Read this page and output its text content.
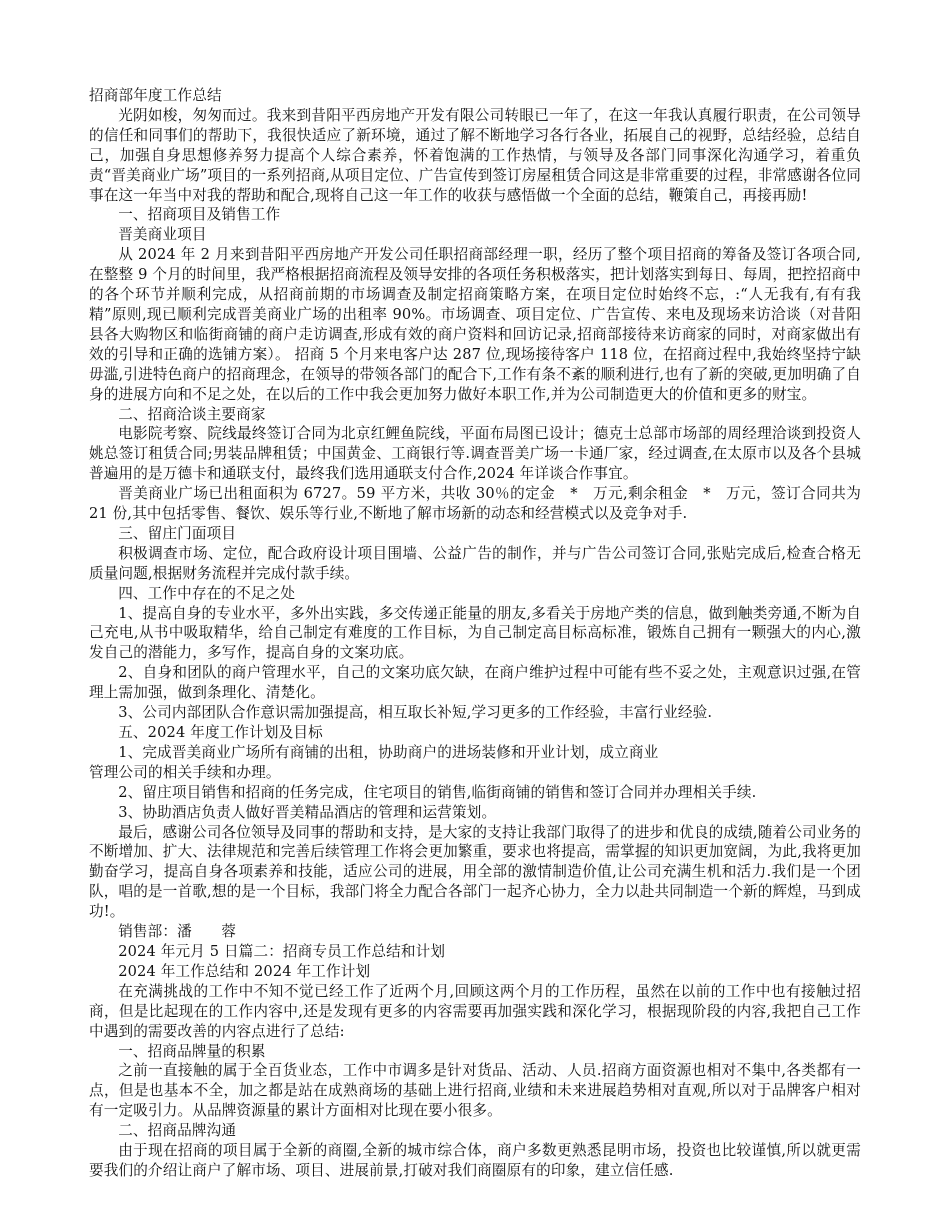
招商部年度工作总结

光阴如梭，匆匆而过。我来到昔阳平西房地产开发有限公司转眼已一年了，在这一年我认真履行职责，在公司领导的信任和同事们的帮助下，我很快适应了新环境，通过了解不断地学习各行各业，拓展自己的视野，总结经验，总结自己，加强自身思想修养努力提高个人综合素养，怀着饱满的工作热情，与领导及各部门同事深化沟通学习，着重负责“晋美商业广场”项目的一系列招商,从项目定位、广告宣传到签订房屋租赁合同这是非常重要的过程，非常感谢各位同事在这一年当中对我的帮助和配合,现将自己这一年工作的收获与感悟做一个全面的总结，鞭策自己，再接再励!

一、招商项目及销售工作

晋美商业项目

从 2024 年 2 月来到昔阳平西房地产开发公司任职招商部经理一职，经历了整个项目招商的筹备及签订各项合同,在整整 9 个月的时间里，我严格根据招商流程及领导安排的各项任务积极落实，把计划落实到每日、每周，把控招商中的各个环节并顺利完成，从招商前期的市场调查及制定招商策略方案，在项目定位时始终不忘，:“人无我有,有有我精”原则,现已顺利完成晋美商业广场的出租率 90%。市场调查、项目定位、广告宣传、来电及现场来访洽谈（对昔阳县各大购物区和临街商铺的商户走访调查,形成有效的商户资料和回访记录,招商部接待来访商家的同时，对商家做出有效的引导和正确的选铺方案）。 招商 5 个月来电客户达 287 位,现场接待客户 118 位，在招商过程中,我始终坚持宁缺毋滥,引进特色商户的招商理念，在领导的带领各部门的配合下,工作有条不紊的顺利进行,也有了新的突破,更加明确了自身的进展方向和不足之处，在以后的工作中我会更加努力做好本职工作,并为公司制造更大的价值和更多的财宝。

二、招商洽谈主要商家

电影院考察、院线最终签订合同为北京红鲤鱼院线，平面布局图已设计；德克士总部市场部的周经理洽谈到投资人姚总签订租赁合同;男装品牌租赁；中国黄金、工商银行等.调查晋美广场一卡通厂家，经过调查,在太原市以及各个县城普遍用的是万德卡和通联支付，最终我们选用通联支付合作,2024 年详谈合作事宜。

晋美商业广场已出租面积为 6727。59 平方米，共收 30％的定金　*　万元,剩余租金　*　万元，签订合同共为 21 份,其中包括零售、餐饮、娱乐等行业,不断地了解市场新的动态和经营模式以及竞争对手.

三、留庄门面项目

积极调查市场、定位，配合政府设计项目围墙、公益广告的制作，并与广告公司签订合同,张贴完成后,检查合格无质量问题,根据财务流程并完成付款手续。

四、工作中存在的不足之处

1、提高自身的专业水平，多外出实践，多交传递正能量的朋友,多看关于房地产类的信息，做到触类旁通,不断为自己充电,从书中吸取精华，给自己制定有难度的工作目标，为自己制定高目标高标准，锻炼自己拥有一颗强大的内心,激发自己的潜能力，多写作，提高自身的文案功底。

2、自身和团队的商户管理水平，自己的文案功底欠缺，在商户维护过程中可能有些不妥之处，主观意识过强,在管理上需加强，做到条理化、清楚化。

3、公司内部团队合作意识需加强提高，相互取长补短,学习更多的工作经验，丰富行业经验.

五、2024 年度工作计划及目标

1、完成晋美商业广场所有商铺的出租，协助商户的进场装修和开业计划，成立商业

管理公司的相关手续和办理。

2、留庄项目销售和招商的任务完成，住宅项目的销售,临街商铺的销售和签订合同并办理相关手续.

3、协助酒店负责人做好晋美精品酒店的管理和运营策划。

最后，感谢公司各位领导及同事的帮助和支持，是大家的支持让我部门取得了的进步和优良的成绩,随着公司业务的不断增加、扩大、法律规范和完善后续管理工作将会更加繁重，要求也将提高，需掌握的知识更加宽阔，为此,我将更加勤奋学习，提高自身各项素养和技能，适应公司的进展，用全部的激情制造价值,让公司充满生机和活力.我们是一个团队，唱的是一首歌,想的是一个目标，我部门将全力配合各部门一起齐心协力，全力以赴共同制造一个新的辉煌，马到成功!。

销售部：潘　　蓉

2024 年元月 5 日篇二：招商专员工作总结和计划

2024 年工作总结和 2024 年工作计划

在充满挑战的工作中不知不觉已经工作了近两个月,回顾这两个月的工作历程，虽然在以前的工作中也有接触过招商，但是比起现在的工作内容中,还是发现有更多的内容需要再加强实践和深化学习，根据现阶段的内容,我把自己工作中遇到的需要改善的内容点进行了总结:

一、招商品牌量的积累

之前一直接触的属于全百货业态，工作中市调多是针对货品、活动、人员.招商方面资源也相对不集中,各类都有一点，但是也基本不全，加之都是站在成熟商场的基础上进行招商,业绩和未来进展趋势相对直观,所以对于品牌客户相对有一定吸引力。从品牌资源量的累计方面相对比现在要小很多。

二、招商品牌沟通

由于现在招商的项目属于全新的商圈,全新的城市综合体，商户多数更熟悉昆明市场，投资也比较谨慎,所以就更需要我们的介绍让商户了解市场、项目、进展前景,打破对我们商圈原有的印象，建立信任感.
